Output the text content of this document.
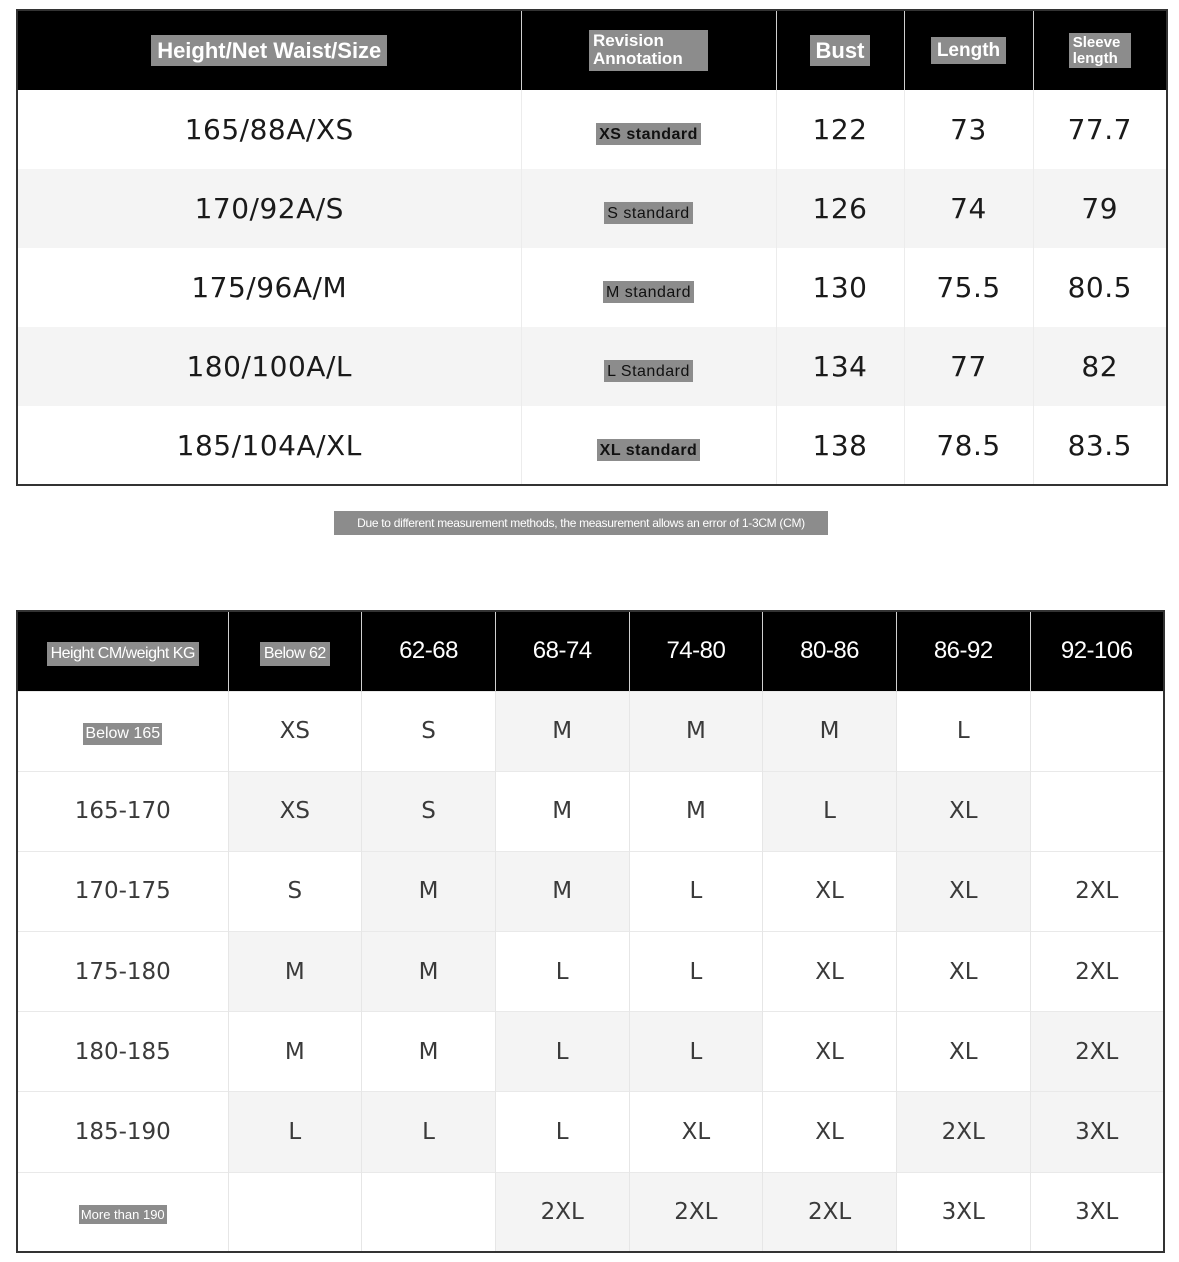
Height/Net Waist/Size	Revision Annotation	Bust	Length	Sleeve length
165/88A/XS	XS standard	122	73	77.7
170/92A/S	S standard	126	74	79
175/96A/M	M standard	130	75.5	80.5
180/100A/L	L Standard	134	77	82
185/104A/XL	XL standard	138	78.5	83.5
Due to different measurement methods, the measurement allows an error of 1-3CM (CM)
Height CM/weight KG	Below 62	62-68	68-74	74-80	80-86	86-92	92-106
Below 165	XS	S	M	M	M	L	
165-170	XS	S	M	M	L	XL	
170-175	S	M	M	L	XL	XL	2XL
175-180	M	M	L	L	XL	XL	2XL
180-185	M	M	L	L	XL	XL	2XL
185-190	L	L	L	XL	XL	2XL	3XL
More than 190			2XL	2XL	2XL	3XL	3XL
